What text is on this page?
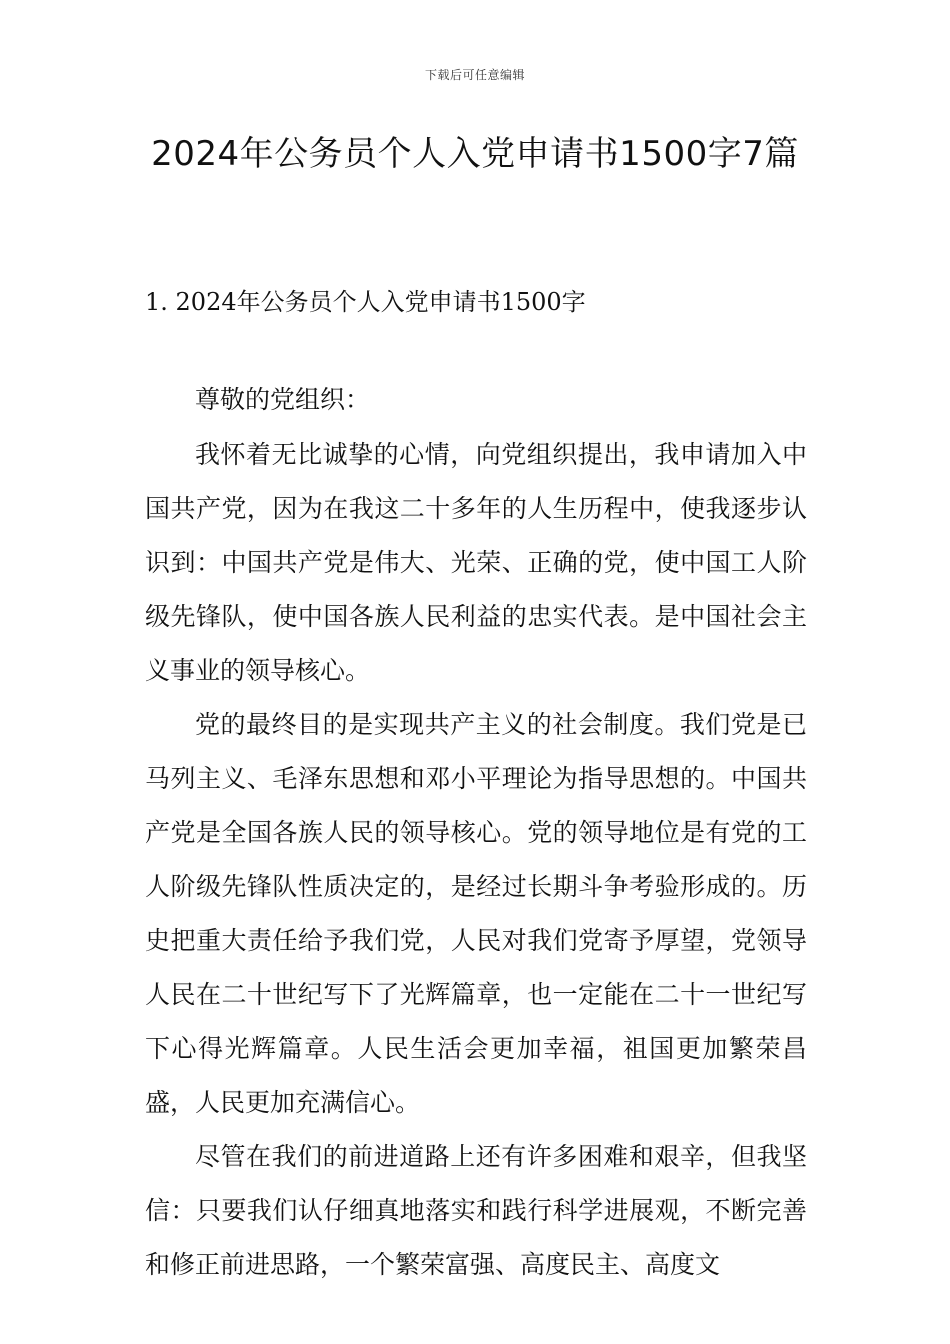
下载后可任意编辑
2024年公务员个人入党申请书1500字7篇
1. 2024年公务员个人入党申请书1500字
尊敬的党组织：

我怀着无比诚挚的心情，向党组织提出，我申请加入中国共产党，因为在我这二十多年的人生历程中，使我逐步认识到：中国共产党是伟大、光荣、正确的党，使中国工人阶级先锋队，使中国各族人民利益的忠实代表。是中国社会主义事业的领导核心。

党的最终目的是实现共产主义的社会制度。我们党是已马列主义、毛泽东思想和邓小平理论为指导思想的。中国共产党是全国各族人民的领导核心。党的领导地位是有党的工人阶级先锋队性质决定的，是经过长期斗争考验形成的。历史把重大责任给予我们党，人民对我们党寄予厚望，党领导人民在二十世纪写下了光辉篇章，也一定能在二十一世纪写下心得光辉篇章。人民生活会更加幸福，祖国更加繁荣昌盛，人民更加充满信心。

尽管在我们的前进道路上还有许多困难和艰辛，但我坚信：只要我们认仔细真地落实和践行科学进展观，不断完善和修正前进思路，一个繁荣富强、高度民主、高度文
